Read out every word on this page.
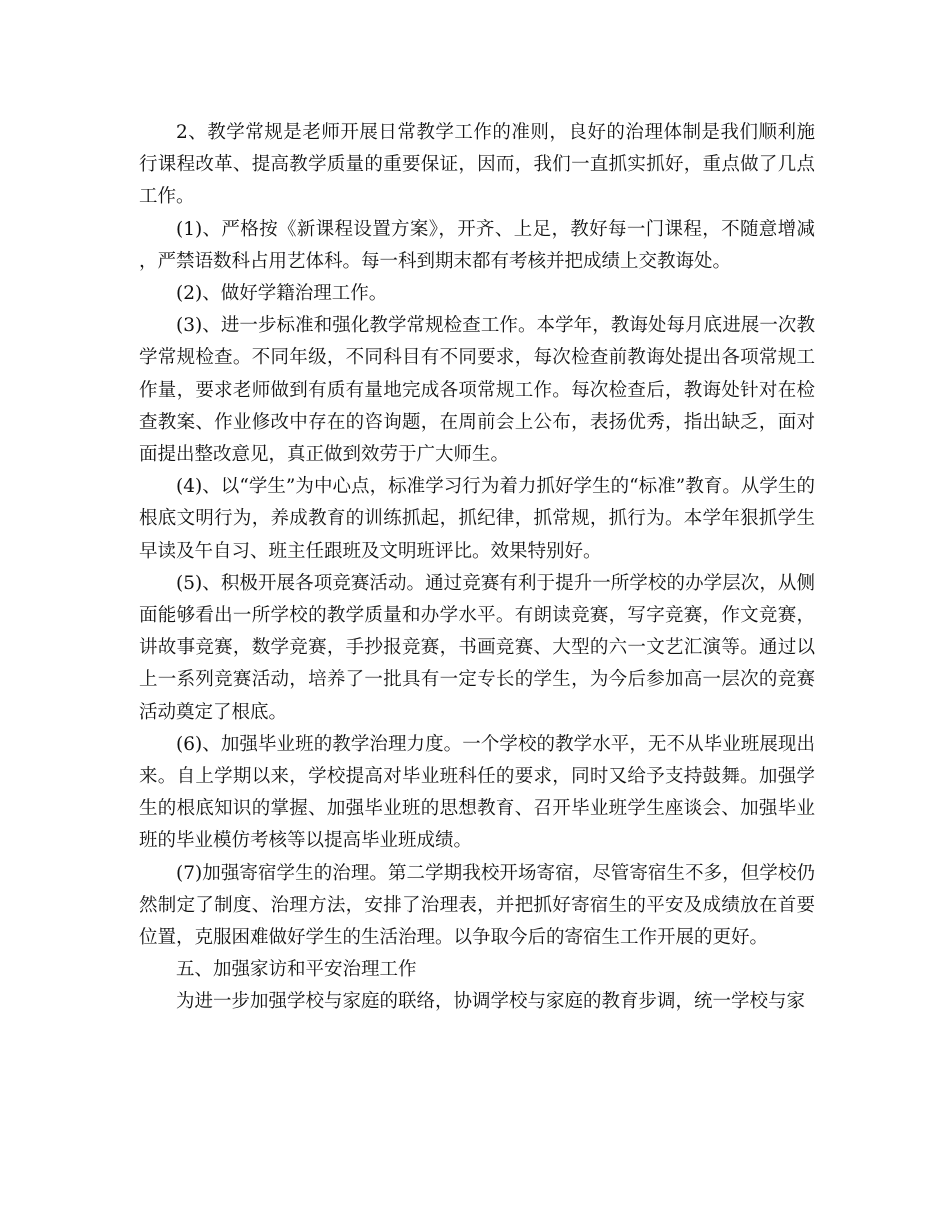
2、教学常规是老师开展日常教学工作的准则，良好的治理体制是我们顺利施行课程改革、提高教学质量的重要保证，因而，我们一直抓实抓好，重点做了几点工作。

(1)、严格按《新课程设置方案》，开齐、上足，教好每一门课程，不随意增减，严禁语数科占用艺体科。每一科到期末都有考核并把成绩上交教诲处。

(2)、做好学籍治理工作。

(3)、进一步标准和强化教学常规检查工作。本学年，教诲处每月底进展一次教学常规检查。不同年级，不同科目有不同要求，每次检查前教诲处提出各项常规工作量，要求老师做到有质有量地完成各项常规工作。每次检查后，教诲处针对在检查教案、作业修改中存在的咨询题，在周前会上公布，表扬优秀，指出缺乏，面对面提出整改意见，真正做到效劳于广大师生。

(4)、以“学生”为中心点，标准学习行为着力抓好学生的“标准”教育。从学生的根底文明行为，养成教育的训练抓起，抓纪律，抓常规，抓行为。本学年狠抓学生早读及午自习、班主任跟班及文明班评比。效果特别好。

(5)、积极开展各项竞赛活动。通过竞赛有利于提升一所学校的办学层次，从侧面能够看出一所学校的教学质量和办学水平。有朗读竞赛，写字竞赛，作文竞赛，讲故事竞赛，数学竞赛，手抄报竞赛，书画竞赛、大型的六一文艺汇演等。通过以上一系列竞赛活动，培养了一批具有一定专长的学生，为今后参加高一层次的竞赛活动奠定了根底。

(6)、加强毕业班的教学治理力度。一个学校的教学水平，无不从毕业班展现出来。自上学期以来，学校提高对毕业班科任的要求，同时又给予支持鼓舞。加强学生的根底知识的掌握、加强毕业班的思想教育、召开毕业班学生座谈会、加强毕业班的毕业模仿考核等以提高毕业班成绩。

(7)加强寄宿学生的治理。第二学期我校开场寄宿，尽管寄宿生不多，但学校仍然制定了制度、治理方法，安排了治理表，并把抓好寄宿生的平安及成绩放在首要位置，克服困难做好学生的生活治理。以争取今后的寄宿生工作开展的更好。

五、加强家访和平安治理工作

为进一步加强学校与家庭的联络，协调学校与家庭的教育步调，统一学校与家
